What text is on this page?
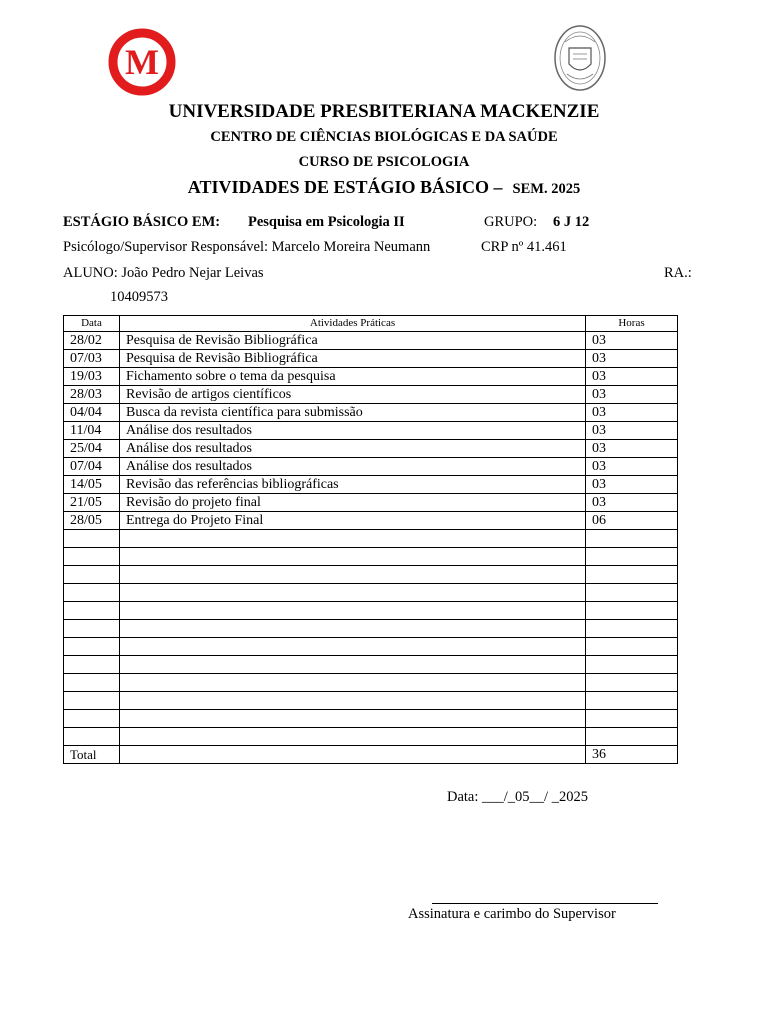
M
UNIVERSIDADE PRESBITERIANA MACKENZIE
CENTRO DE CIÊNCIAS BIOLÓGICAS E DA SAÚDE
CURSO DE PSICOLOGIA
ATIVIDADES DE ESTÁGIO BÁSICO – SEM. 2025
ESTÁGIO BÁSICO EM: Pesquisa em Psicologia II	GRUPO: 6 J 12
Psicólogo/Supervisor Responsável: Marcelo Moreira Neumann	CRP nº 41.461
ALUNO: João Pedro Nejar Leivas	RA.:
10409573
Data	Atividades Práticas	Horas
28/02	Pesquisa de Revisão Bibliográfica	03
07/03	Pesquisa de Revisão Bibliográfica	03
19/03	Fichamento sobre o tema da pesquisa	03
28/03	Revisão de artigos científicos	03
04/04	Busca da revista científica para submissão	03
11/04	Análise dos resultados	03
25/04	Análise dos resultados	03
07/04	Análise dos resultados	03
14/05	Revisão das referências bibliográficas	03
21/05	Revisão do projeto final	03
28/05	Entrega do Projeto Final	06

Total		36
Data: ___/_05__/ _2025
Assinatura e carimbo do Supervisor
